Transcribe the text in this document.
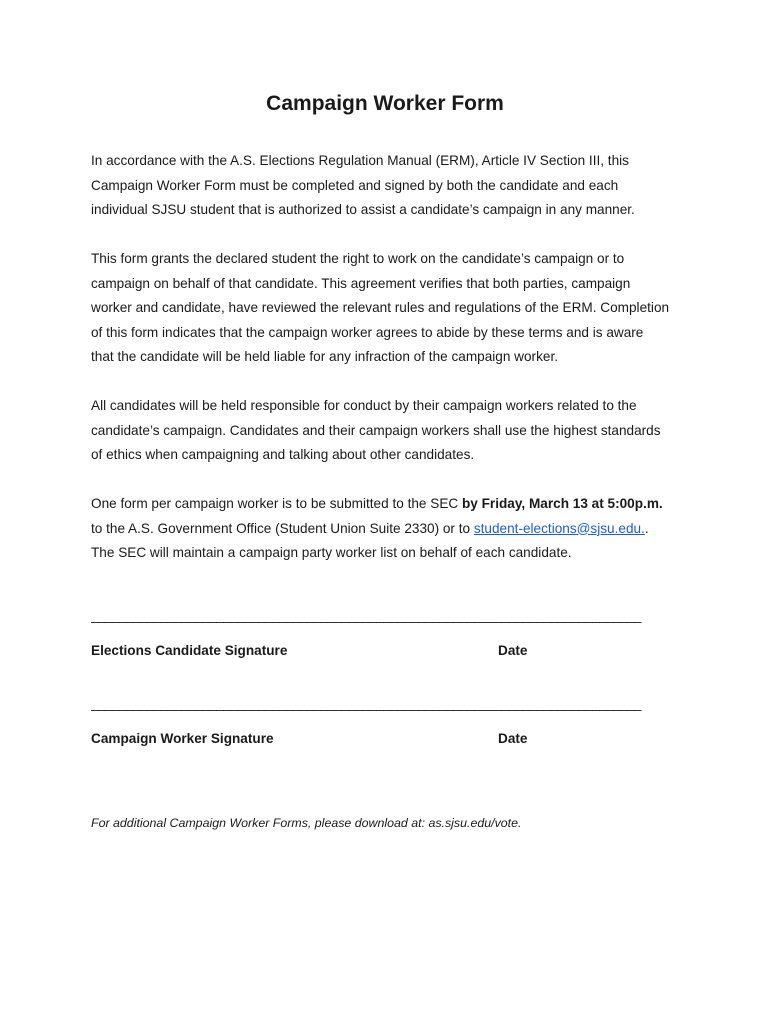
Campaign Worker Form

In accordance with the A.S. Elections Regulation Manual (ERM), Article IV Section III, this
Campaign Worker Form must be completed and signed by both the candidate and each
individual SJSU student that is authorized to assist a candidate’s campaign in any manner.

This form grants the declared student the right to work on the candidate’s campaign or to
campaign on behalf of that candidate. This agreement verifies that both parties, campaign
worker and candidate, have reviewed the relevant rules and regulations of the ERM. Completion
of this form indicates that the campaign worker agrees to abide by these terms and is aware
that the candidate will be held liable for any infraction of the campaign worker.

All candidates will be held responsible for conduct by their campaign workers related to the
candidate’s campaign. Candidates and their campaign workers shall use the highest standards
of ethics when campaigning and talking about other candidates.

One form per campaign worker is to be submitted to the SEC by Friday, March 13 at 5:00p.m.
to the A.S. Government Office (Student Union Suite 2330) or to student-elections@sjsu.edu..
The SEC will maintain a campaign party worker list on behalf of each candidate.

_______________________________________________________________________________
Elections Candidate Signature	Date
_______________________________________________________________________________
Campaign Worker Signature	Date
For additional Campaign Worker Forms, please download at: as.sjsu.edu/vote.
